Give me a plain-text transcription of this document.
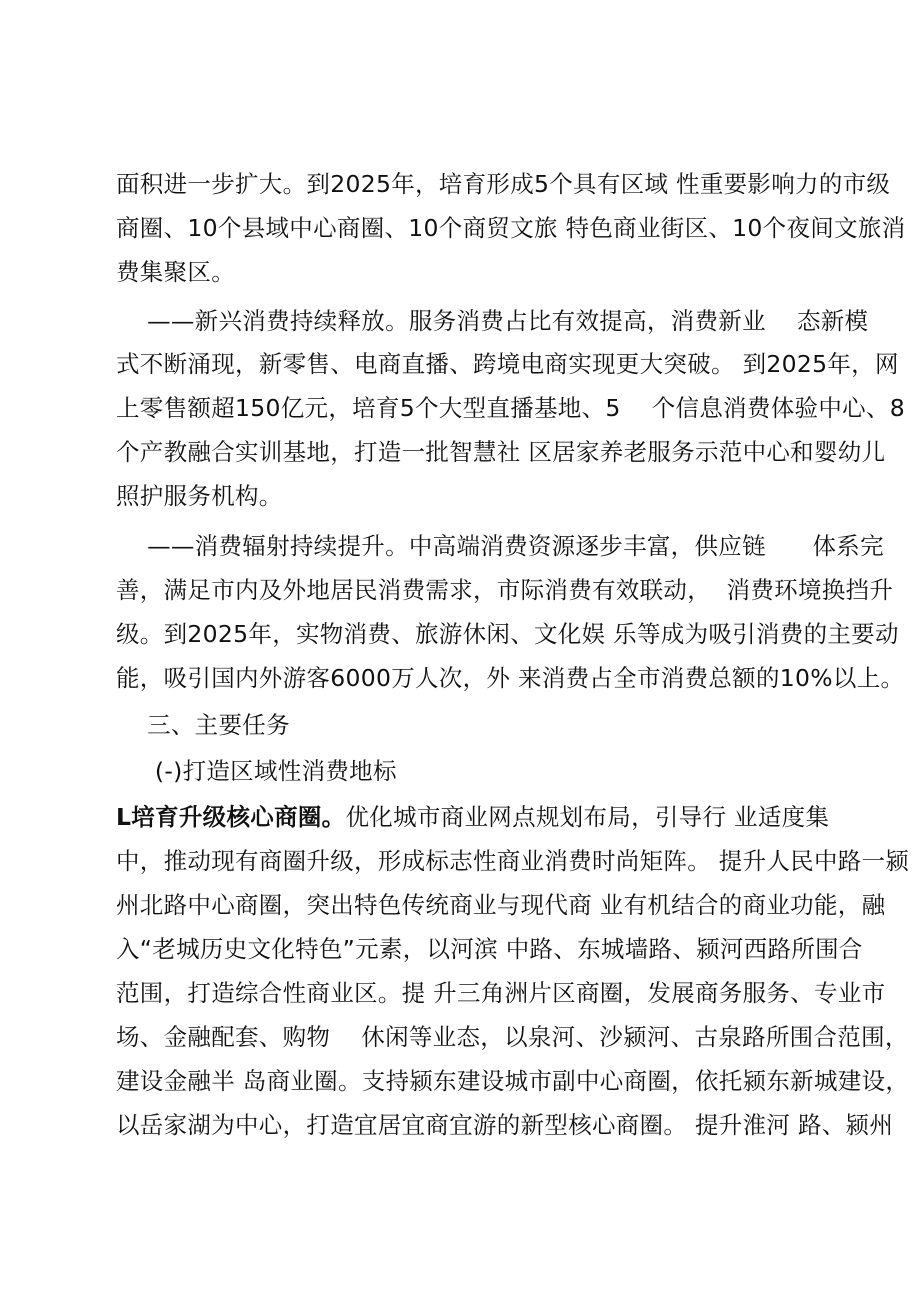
面积进一步扩大。到2025年，培育形成5个具有区域 性重要影响力的市级
商圈、10个县域中心商圈、10个商贸文旅 特色商业街区、10个夜间文旅消
费集聚区。
——新兴消费持续释放。服务消费占比有效提高，消费新业    态新模
式不断涌现，新零售、电商直播、跨境电商实现更大突破。 到2025年，网
上零售额超150亿元，培育5个大型直播基地、5    个信息消费体验中心、8
个产教融合实训基地，打造一批智慧社 区居家养老服务示范中心和婴幼儿
照护服务机构。
——消费辐射持续提升。中高端消费资源逐步丰富，供应链      体系完
善，满足市内及外地居民消费需求，市际消费有效联动，  消费环境换挡升
级。到2025年，实物消费、旅游休闲、文化娱 乐等成为吸引消费的主要动
能，吸引国内外游客6000万人次，外 来消费占全市消费总额的10%以上。
三、主要任务
(-)打造区域性消费地标
L培育升级核心商圈。优化城市商业网点规划布局，引导行 业适度集
中，推动现有商圈升级，形成标志性商业消费时尚矩阵。 提升人民中路一颍
州北路中心商圈，突出特色传统商业与现代商 业有机结合的商业功能，融
入“老城历史文化特色”元素，以河滨 中路、东城墙路、颍河西路所围合
范围，打造综合性商业区。提 升三角洲片区商圈，发展商务服务、专业市
场、金融配套、购物    休闲等业态，以泉河、沙颍河、古泉路所围合范围，
建设金融半 岛商业圈。支持颍东建设城市副中心商圈，依托颍东新城建设，
以岳家湖为中心，打造宜居宜商宜游的新型核心商圈。 提升淮河 路、颍州
